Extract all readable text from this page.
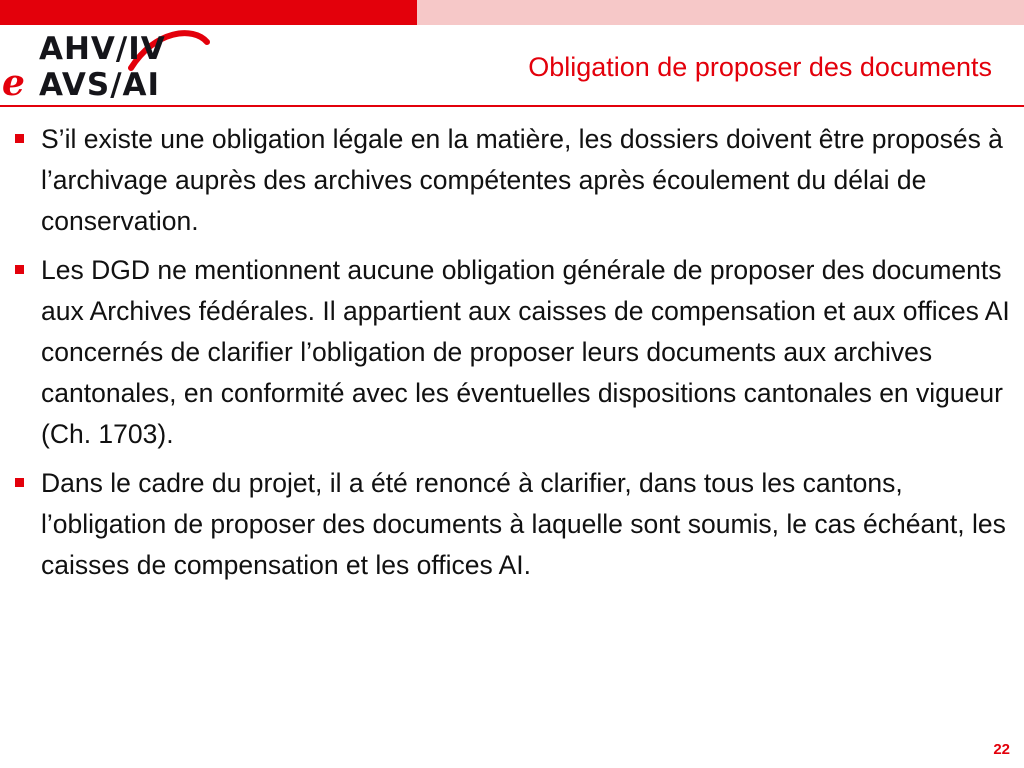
e
AHV/IV
AVS/AI	Obligation de proposer des documents
S’il existe une obligation légale en la matière, les dossiers doivent être proposés à l’archivage auprès des archives compétentes après écoulement du délai de conservation.
Les DGD ne mentionnent aucune obligation générale de proposer des documents aux Archives fédérales. Il appartient aux caisses de compensation et aux offices AI concernés de clarifier l’obligation de proposer leurs documents aux archives cantonales, en conformité avec les éventuelles dispositions cantonales en vigueur (Ch. 1703).
Dans le cadre du projet, il a été renoncé à clarifier, dans tous les cantons, l’obligation de proposer des documents à laquelle sont soumis, le cas échéant, les caisses de compensation et les offices AI.
22
